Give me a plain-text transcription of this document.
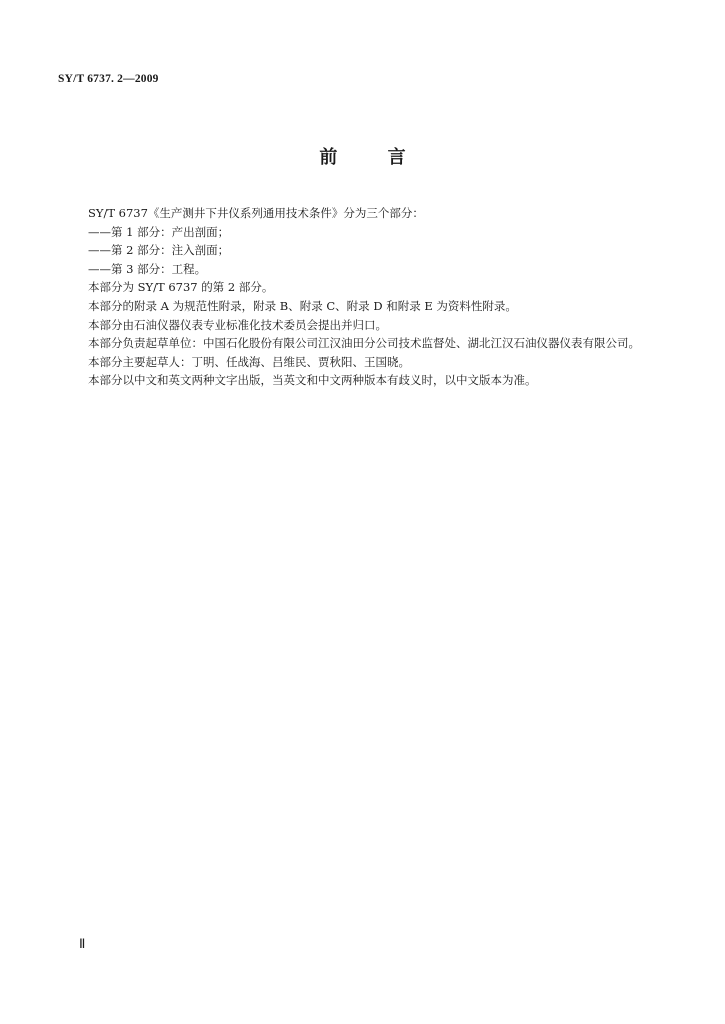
SY/T 6737. 2—2009
前 言
SY/T 6737《生产测井下井仪系列通用技术条件》分为三个部分：
——第 1 部分：产出剖面；
——第 2 部分：注入剖面；
——第 3 部分：工程。
本部分为 SY/T 6737 的第 2 部分。
本部分的附录 A 为规范性附录，附录 B、附录 C、附录 D 和附录 E 为资料性附录。
本部分由石油仪器仪表专业标准化技术委员会提出并归口。
本部分负责起草单位：中国石化股份有限公司江汉油田分公司技术监督处、湖北江汉石油仪器仪表有限公司。
本部分主要起草人：丁明、任战海、吕维民、贾秋阳、王国晓。
本部分以中文和英文两种文字出版，当英文和中文两种版本有歧义时，以中文版本为准。
Ⅱ
